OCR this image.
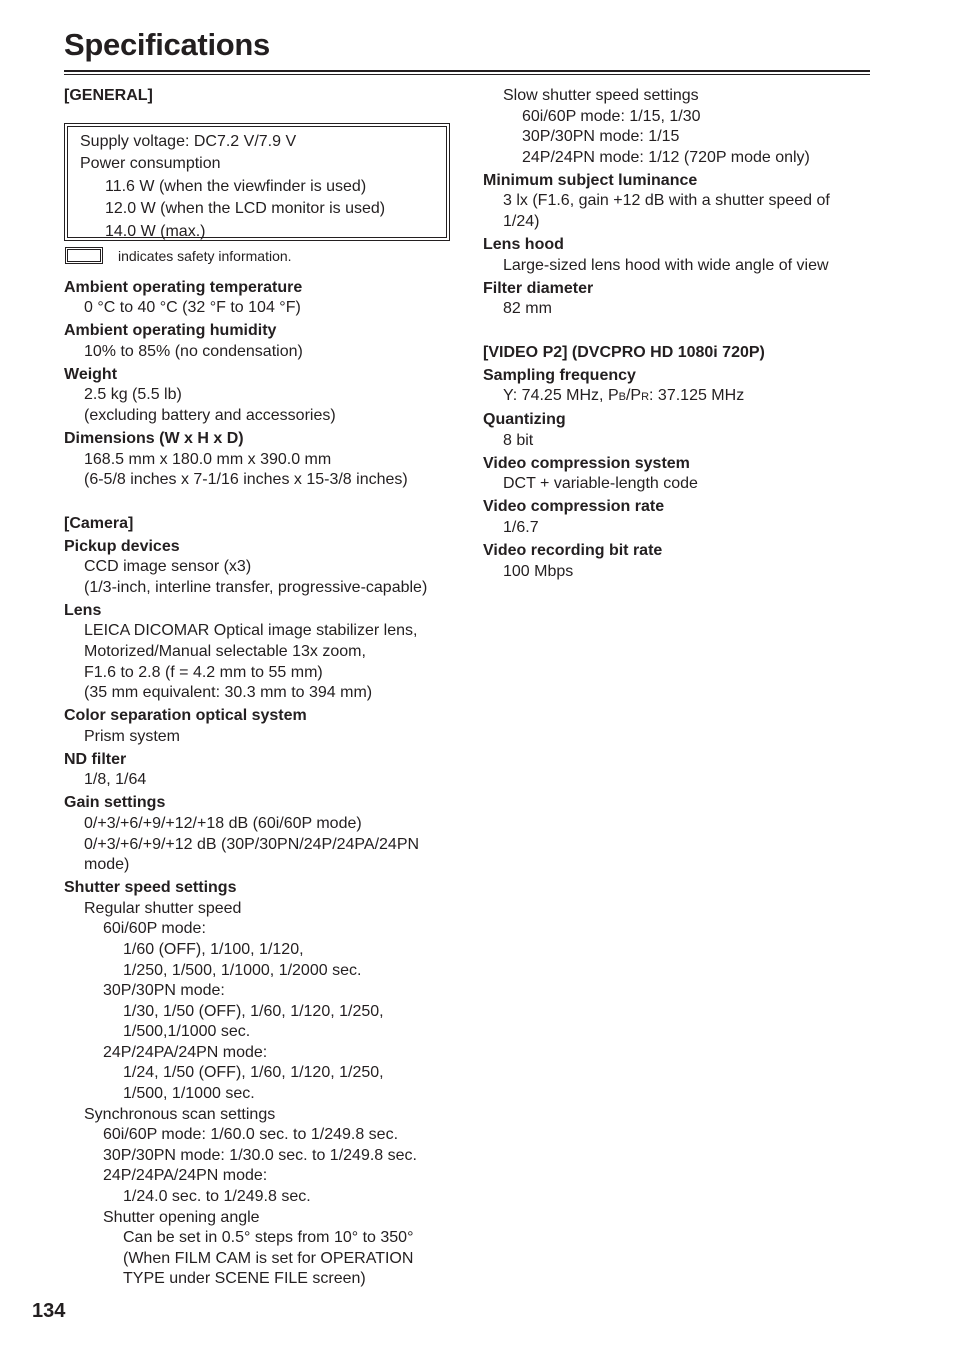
Specifications
[GENERAL]
Supply voltage: DC7.2 V/7.9 V
Power consumption
11.6 W (when the viewfinder is used)
12.0 W (when the LCD monitor is used)
14.0 W (max.)
indicates safety information.
Ambient operating temperature
0 °C to 40 °C (32 °F to 104 °F)
Ambient operating humidity
10% to 85% (no condensation)
Weight
2.5 kg (5.5 lb)
(excluding battery and accessories)
Dimensions (W x H x D)
168.5 mm x 180.0 mm x 390.0 mm
(6-5/8 inches x 7-1/16 inches x 15-3/8 inches)
[Camera]
Pickup devices
CCD image sensor (x3)
(1/3-inch, interline transfer, progressive-capable)
Lens
LEICA DICOMAR Optical image stabilizer lens,
Motorized/Manual selectable 13x zoom,
F1.6 to 2.8 (f = 4.2 mm to 55 mm)
(35 mm equivalent: 30.3 mm to 394 mm)
Color separation optical system
Prism system
ND filter
1/8, 1/64
Gain settings
0/+3/+6/+9/+12/+18 dB (60i/60P mode)
0/+3/+6/+9/+12 dB (30P/30PN/24P/24PA/24PN
mode)
Shutter speed settings
Regular shutter speed
60i/60P mode:
1/60 (OFF), 1/100, 1/120,
1/250, 1/500, 1/1000, 1/2000 sec.
30P/30PN mode:
1/30, 1/50 (OFF), 1/60, 1/120, 1/250,
1/500,1/1000 sec.
24P/24PA/24PN mode:
1/24, 1/50 (OFF), 1/60, 1/120, 1/250,
1/500, 1/1000 sec.
Synchronous scan settings
60i/60P mode: 1/60.0 sec. to 1/249.8 sec.
30P/30PN mode: 1/30.0 sec. to 1/249.8 sec.
24P/24PA/24PN mode:
1/24.0 sec. to 1/249.8 sec.
Shutter opening angle
Can be set in 0.5° steps from 10° to 350°
(When FILM CAM is set for OPERATION
TYPE under SCENE FILE screen)
Slow shutter speed settings
60i/60P mode: 1/15, 1/30
30P/30PN mode: 1/15
24P/24PN mode: 1/12 (720P mode only)
Minimum subject luminance
3 lx (F1.6, gain +12 dB with a shutter speed of
1/24)
Lens hood
Large-sized lens hood with wide angle of view
Filter diameter
82 mm
[VIDEO P2] (DVCPRO HD 1080i 720P)
Sampling frequency
Y: 74.25 MHz, PB/PR: 37.125 MHz
Quantizing
8 bit
Video compression system
DCT + variable-length code
Video compression rate
1/6.7
Video recording bit rate
100 Mbps
134
